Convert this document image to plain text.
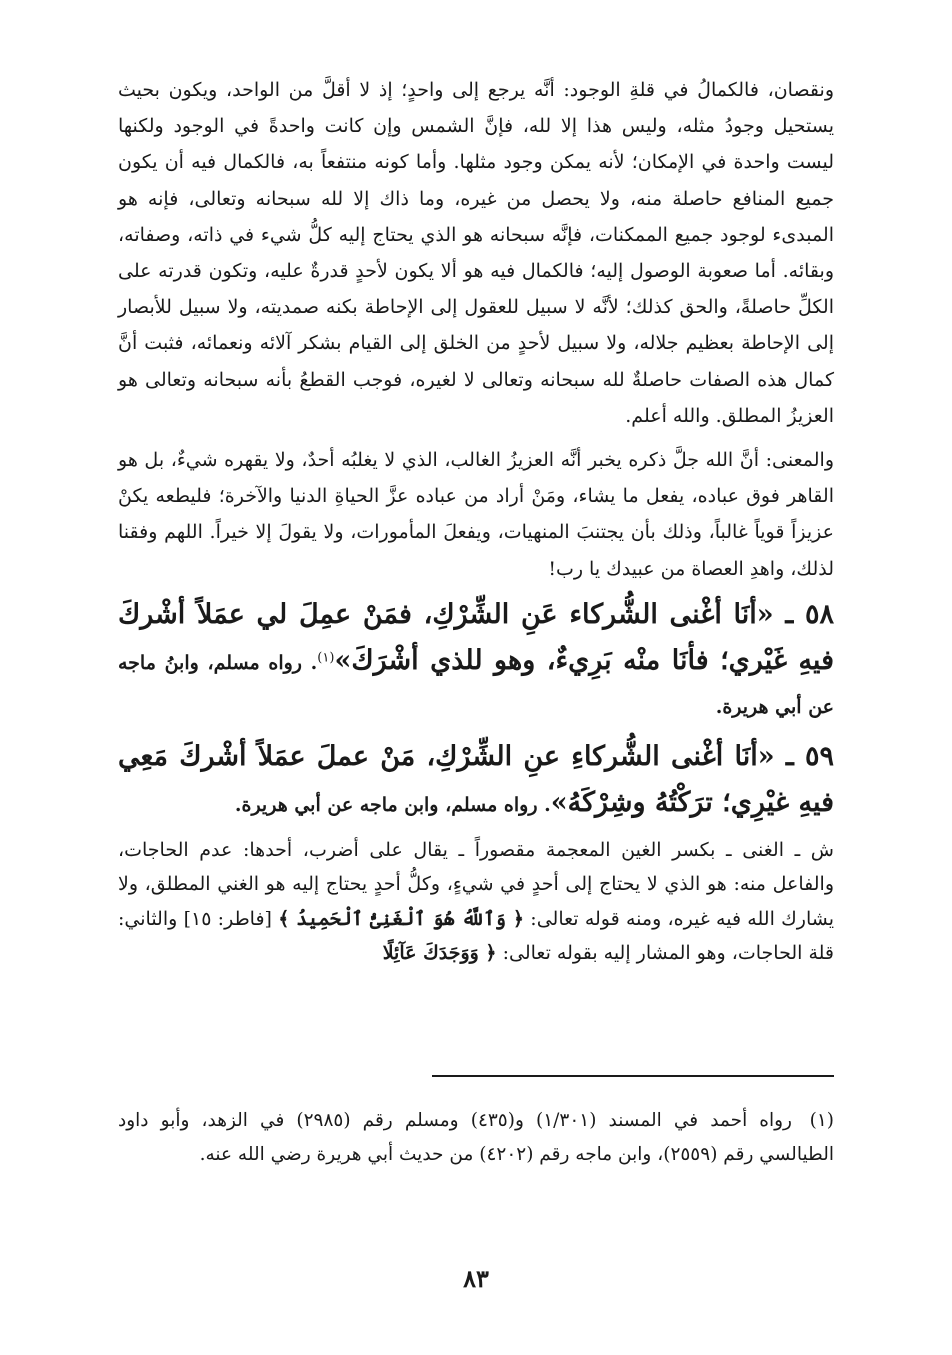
ونقصان، فالكمالُ في قلةِ الوجود: أنَّه يرجع إلى واحدٍ؛ إذ لا أقلَّ من الواحد، ويكون بحيث يستحيل وجودُ مثله، وليس هذا إلا لله، فإنَّ الشمس وإن كانت واحدةً في الوجود ولكنها ليست واحدة في الإمكان؛ لأنه يمكن وجود مثلها. وأما كونه منتفعاً به، فالكمال فيه أن يكون جميع المنافع حاصلة منه، ولا يحصل من غيره، وما ذاك إلا لله سبحانه وتعالى، فإنه هو المبدىء لوجود جميع الممكنات، فإنَّه سبحانه هو الذي يحتاج إليه كلُّ شيء في ذاته، وصفاته، وبقائه. أما صعوبة الوصول إليه؛ فالكمال فيه هو ألا يكون لأحدٍ قدرةٌ عليه، وتكون قدرته على الكلِّ حاصلةً، والحق كذلك؛ لأنَّه لا سبيل للعقول إلى الإحاطة بكنه صمديته، ولا سبيل للأبصار إلى الإحاطة بعظيم جلاله، ولا سبيل لأحدٍ من الخلق إلى القيام بشكر آلائه ونعمائه، فثبت أنَّ كمال هذه الصفات حاصلةٌ لله سبحانه وتعالى لا لغيره، فوجب القطعُ بأنه سبحانه وتعالى هو العزيزُ المطلق. والله أعلم.

والمعنى: أنَّ الله جلَّ ذكره يخبر أنَّه العزيزُ الغالب، الذي لا يغلبُه أحدٌ، ولا يقهره شيءٌ، بل هو القاهر فوق عباده، يفعل ما يشاء، ومَنْ أراد من عباده عزَّ الحياةِ الدنيا والآخرة؛ فليطعه يكنْ عزيزاً قوياً غالباً، وذلك بأن يجتنبَ المنهيات، ويفعلَ المأمورات، ولا يقولَ إلا خيراً. اللهم وفقنا لذلك، واهدِ العصاة من عبيدك يا رب!

٥٨ ـ «أنَا أغْنى الشُّركاء عَنِ الشِّرْكِ، فمَنْ عمِلَ لي عمَلاً أشْركَ فيهِ غَيْري؛ فأنَا منْه بَرِيءٌ، وهو للذي أشْرَكَ»$^{(١)}$. رواه مسلم، وابنُ ماجه عن أبي هريرة.

٥٩ ـ «أنَا أغْنى الشُّركاءِ عنِ الشِّرْكِ، مَنْ عملَ عمَلاً أشْركَ مَعِي فيهِ غيْرِي؛ ترَكْتُهُ وشِرْكَهُ». رواه مسلم، وابن ماجه عن أبي هريرة.

ش ـ الغنى ـ بكسر الغين المعجمة مقصوراً ـ يقال على أضرب، أحدها: عدم الحاجات، والفاعل منه: هو الذي لا يحتاج إلى أحدٍ في شيءٍ، وكلُّ أحدٍ يحتاج إليه هو الغني المطلق، ولا يشارك الله فيه غيره، ومنه قوله تعالى: ﴿ وَٱللَّهُ هُوَ ٱلْغَنِىُّ ٱلْحَمِيدُ ﴾ [فاطر: ١٥] والثاني: قلة الحاجات، وهو المشار إليه بقوله تعالى: ﴿ وَوَجَدَكَ عَآئِلًا

(١)رواه أحمد في المسند (١/٣٠١) و(٤٣٥) ومسلم رقم (٢٩٨٥) في الزهد، وأبو داود الطيالسي رقم (٢٥٥٩)، وابن ماجه رقم (٤٢٠٢) من حديث أبي هريرة رضي الله عنه.

٨٣
